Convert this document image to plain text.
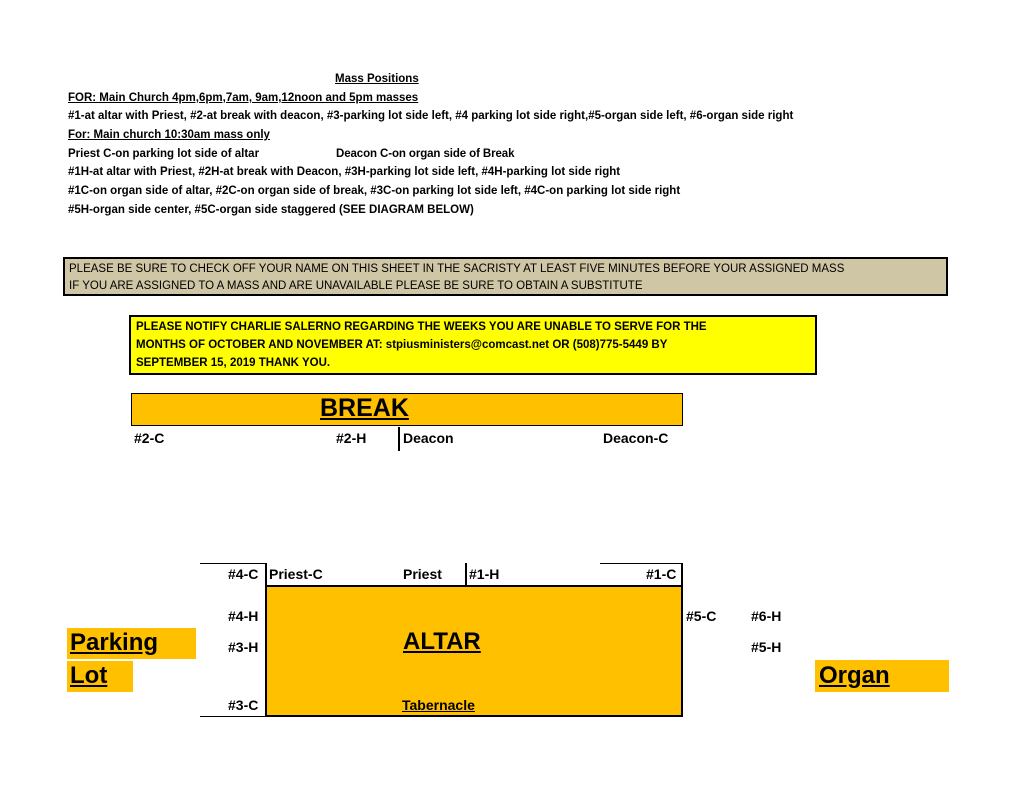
Mass Positions
FOR: Main Church 4pm,6pm,7am, 9am,12noon and 5pm masses
#1-at altar with Priest, #2-at break with deacon, #3-parking lot side left, #4 parking lot side right,#5-organ side left, #6-organ side right
For: Main church 10:30am mass only
Priest C-on parking lot side of altar	Deacon C-on organ side of Break
#1H-at altar with Priest, #2H-at break with Deacon, #3H-parking lot side left, #4H-parking lot side right
#1C-on organ side of altar, #2C-on organ side of break, #3C-on parking lot side left, #4C-on parking lot side right
#5H-organ side center, #5C-organ side staggered (SEE DIAGRAM BELOW)
PLEASE BE SURE TO CHECK OFF YOUR NAME ON THIS SHEET IN THE SACRISTY AT LEAST FIVE MINUTES BEFORE YOUR ASSIGNED MASS
IF YOU ARE ASSIGNED TO A MASS AND ARE UNAVAILABLE PLEASE BE SURE TO OBTAIN A SUBSTITUTE
PLEASE NOTIFY CHARLIE SALERNO REGARDING THE WEEKS YOU ARE UNABLE TO SERVE FOR THE
MONTHS OF OCTOBER AND NOVEMBER AT: stpiusministers@comcast.net OR (508)775-5449 BY
SEPTEMBER 15, 2019 THANK YOU.
BREAK
#2-C	#2-H	Deacon	Deacon-C
#4-C Priest-C	Priest #1-H	#1-C
ALTAR
Tabernacle
#4-H
#3-H
#3-C
#5-C #6-H
#5-H
Parking
Lot	Organ
